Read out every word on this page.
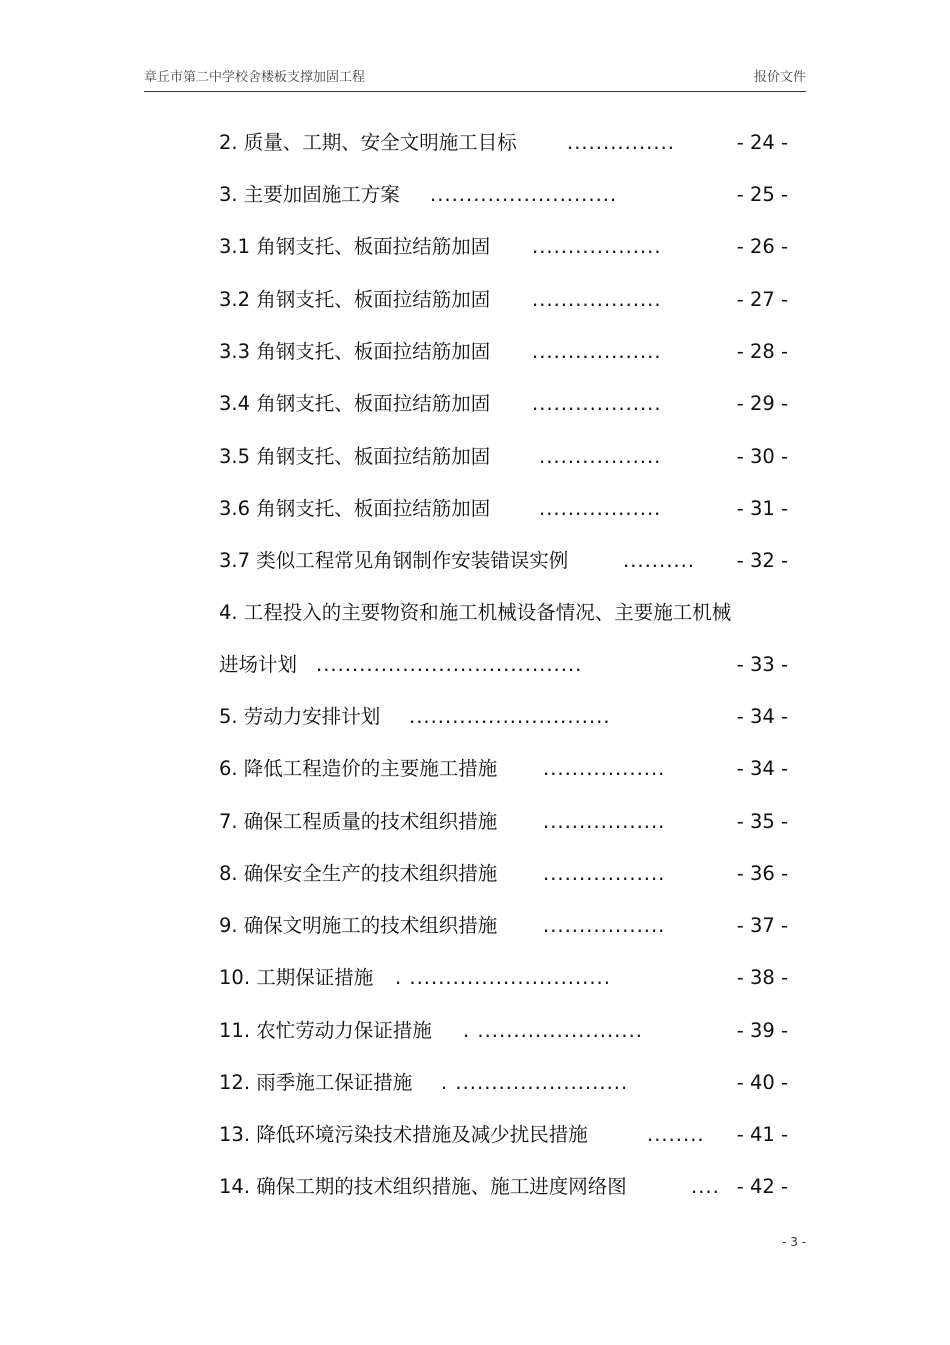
章丘市第二中学校舍楼板支撑加固工程	报价文件
2. 质量、工期、安全文明施工目标	...............	- 24 -
3. 主要加固施工方案 ..........................	- 25 -
3.1 角钢支托、板面拉结筋加固 ..................	- 26 -
3.2 角钢支托、板面拉结筋加固 ..................	- 27 -
3.3 角钢支托、板面拉结筋加固 ..................	- 28 -
3.4 角钢支托、板面拉结筋加固 ..................	- 29 -
3.5 角钢支托、板面拉结筋加固	.................	- 30 -
3.6 角钢支托、板面拉结筋加固	.................	- 31 -
3.7 类似工程常见角钢制作安装错误实例	.......... - 32 -
4. 工程投入的主要物资和施工机械设备情况、主要施工机械
进场计划 .....................................	- 33 -
5. 劳动力安排计划 ............................	- 34 -
6. 降低工程造价的主要施工措施 .................	- 34 -
7. 确保工程质量的技术组织措施 .................	- 35 -
8. 确保安全生产的技术组织措施 .................	- 36 -
9. 确保文明施工的技术组织措施 .................	- 37 -
10. 工期保证措施 . ............................	- 38 -
11. 农忙劳动力保证措施 . .......................	- 39 -
12. 雨季施工保证措施 . ........................	- 40 -
13. 降低环境污染技术措施及减少扰民措施	........ - 41 -
14. 确保工期的技术组织措施、施工进度网络图	.... - 42 -
- 3 -
